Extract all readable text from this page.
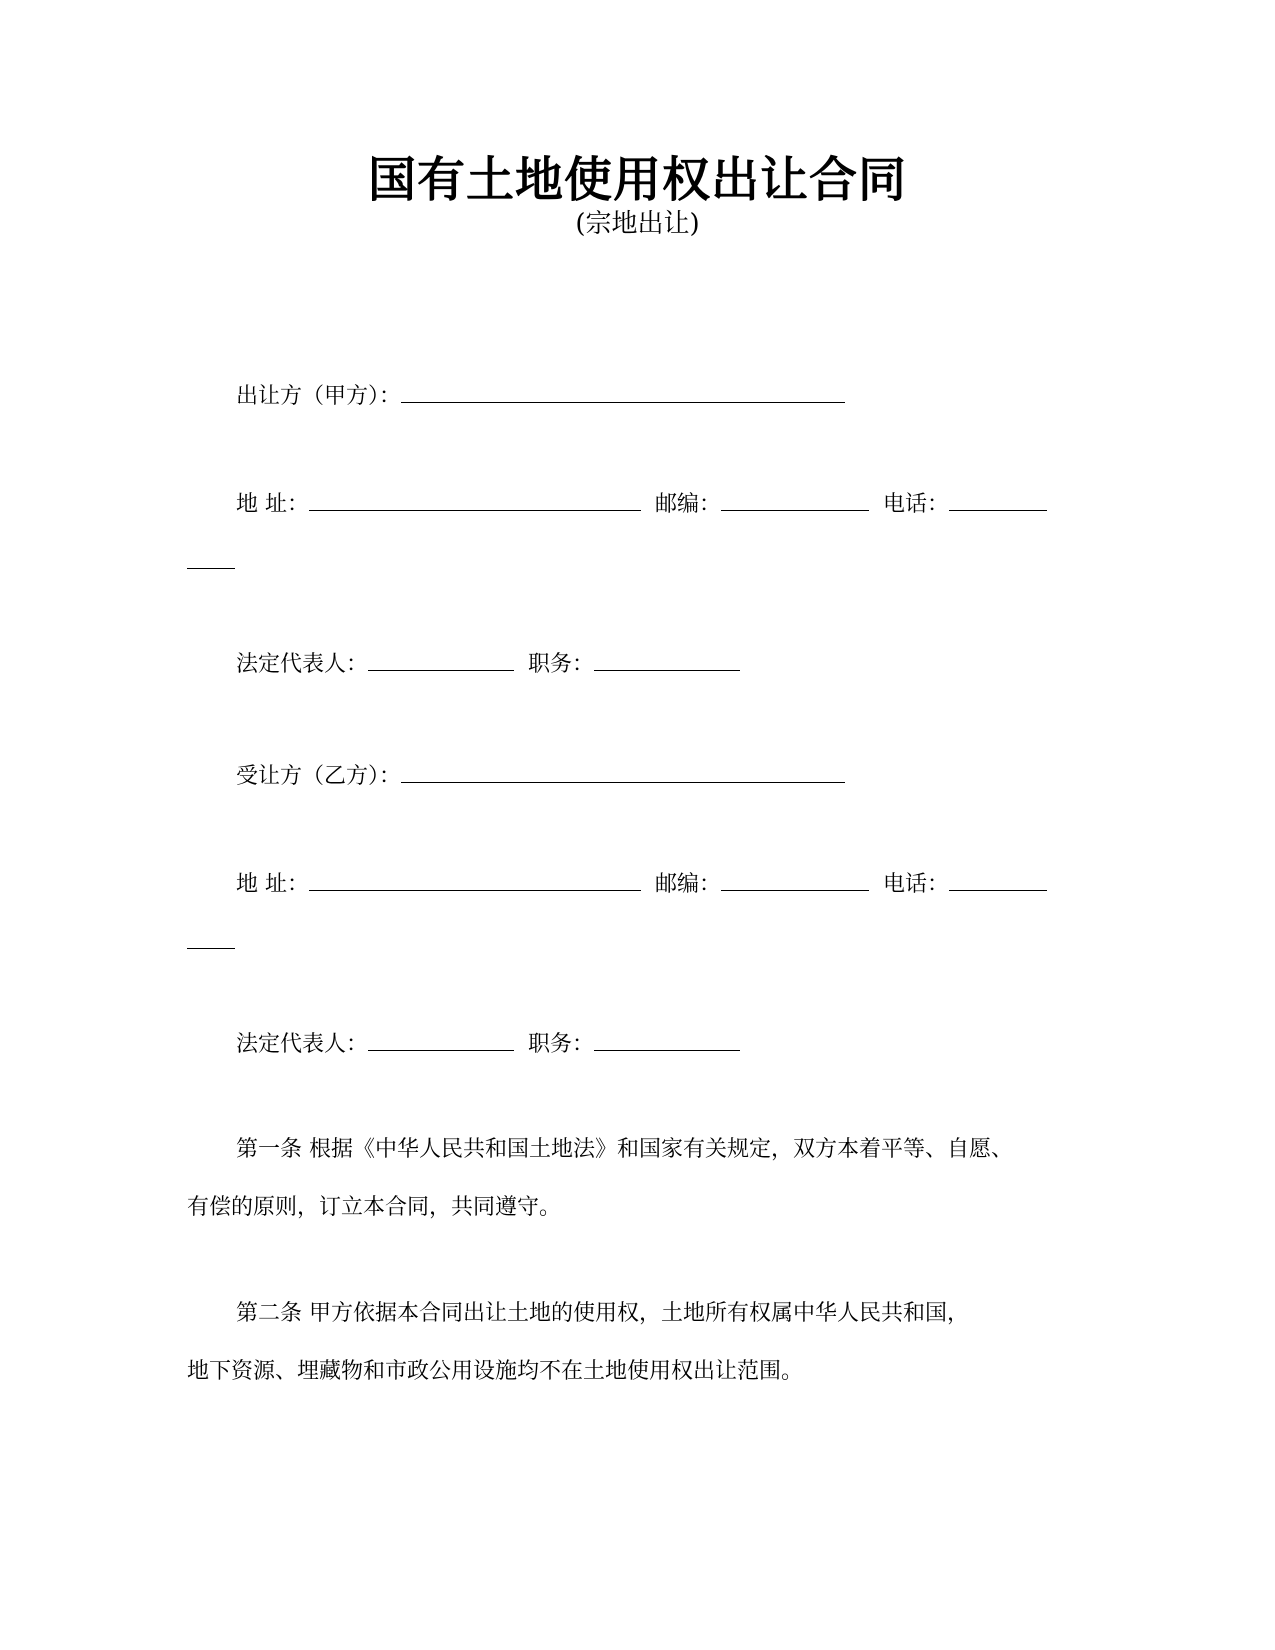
国有土地使用权出让合同
(宗地出让)
出让方（甲方）：
地 址：	邮编：	电话：
法定代表人：	职务：
受让方（乙方）：
地 址：	邮编：	电话：
法定代表人：	职务：
第一条 根据《中华人民共和国土地法》和国家有关规定，双方本着平等、自愿、
有偿的原则，订立本合同，共同遵守。
第二条 甲方依据本合同出让土地的使用权，土地所有权属中华人民共和国，
地下资源、埋藏物和市政公用设施均不在土地使用权出让范围。
